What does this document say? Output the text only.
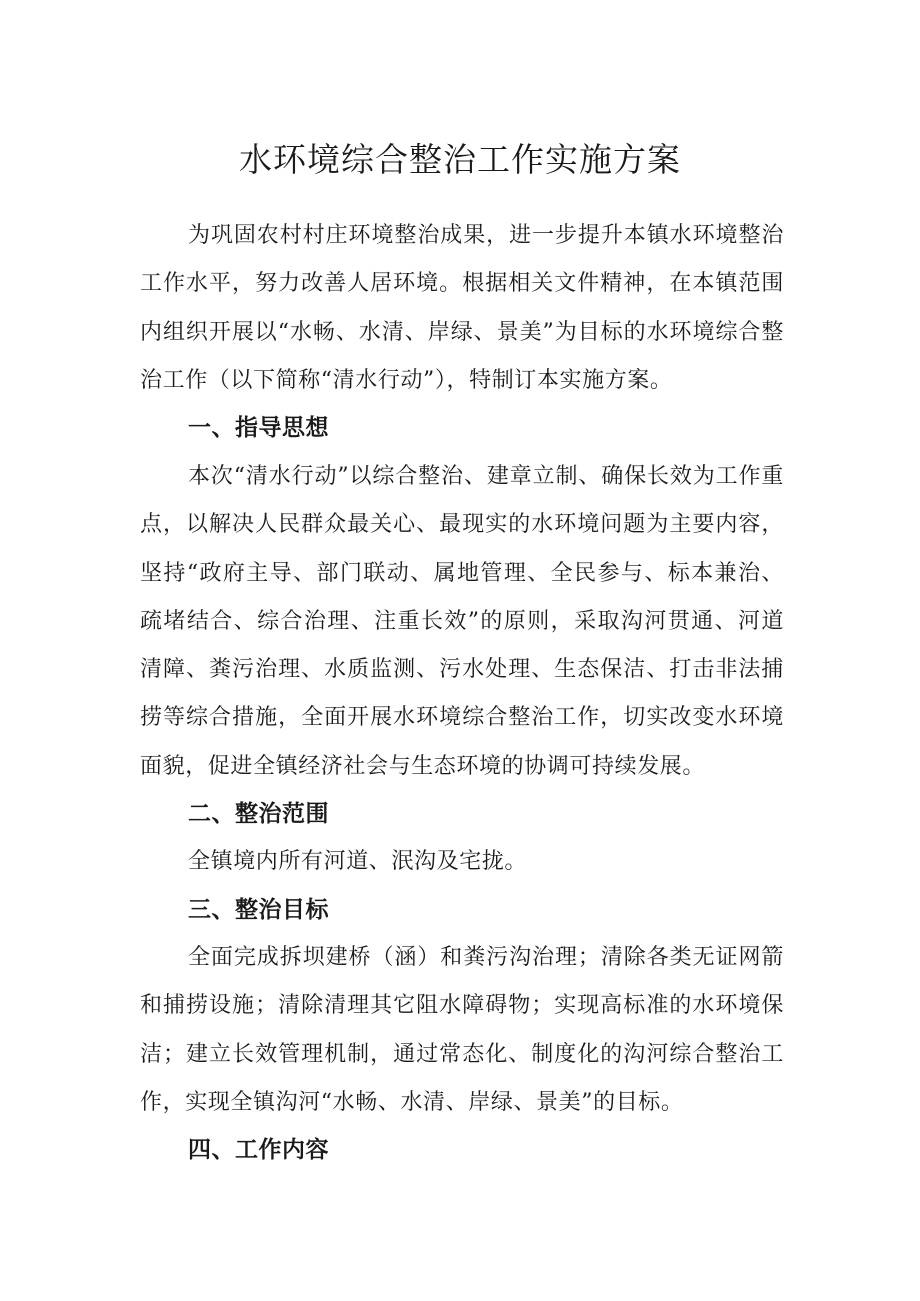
水环境综合整治工作实施方案

为巩固农村村庄环境整治成果，进一步提升本镇水环境整治工作水平，努力改善人居环境。根据相关文件精神，在本镇范围内组织开展以“水畅、水清、岸绿、景美”为目标的水环境综合整治工作（以下简称“清水行动”），特制订本实施方案。

一、指导思想

本次“清水行动”以综合整治、建章立制、确保长效为工作重点，以解决人民群众最关心、最现实的水环境问题为主要内容，坚持“政府主导、部门联动、属地管理、全民参与、标本兼治、疏堵结合、综合治理、注重长效”的原则，采取沟河贯通、河道清障、粪污治理、水质监测、污水处理、生态保洁、打击非法捕捞等综合措施，全面开展水环境综合整治工作，切实改变水环境面貌，促进全镇经济社会与生态环境的协调可持续发展。

二、整治范围

全镇境内所有河道、泯沟及宅拢。

三、整治目标

全面完成拆坝建桥（涵）和粪污沟治理；清除各类无证网箭和捕捞设施；清除清理其它阻水障碍物；实现高标准的水环境保洁；建立长效管理机制，通过常态化、制度化的沟河综合整治工作，实现全镇沟河“水畅、水清、岸绿、景美”的目标。

四、工作内容
